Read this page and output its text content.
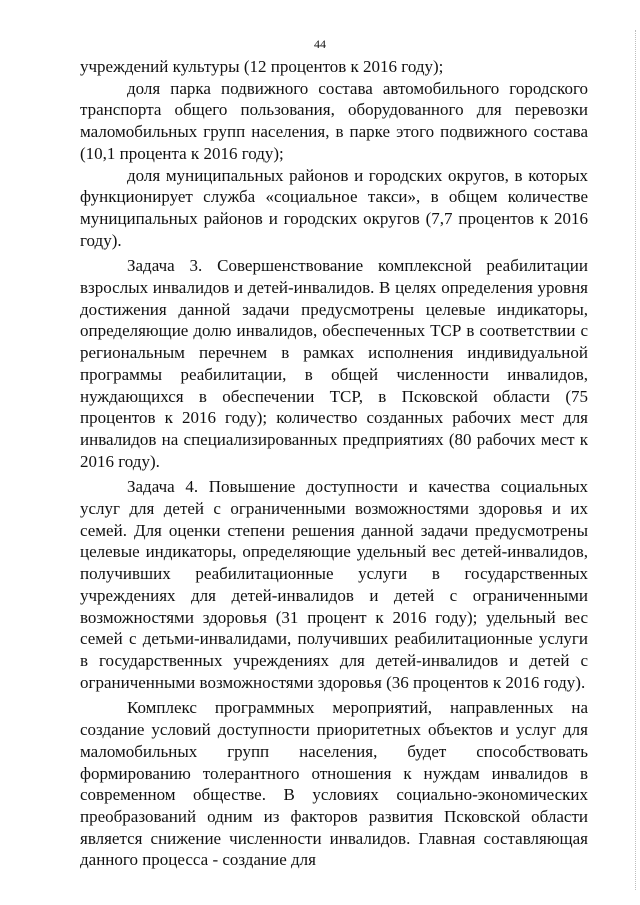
44

учреждений культуры (12 процентов к 2016 году);

доля парка подвижного состава автомобильного городского транспорта общего пользования, оборудованного для перевозки маломобильных групп населения, в парке этого подвижного состава (10,1 процента к 2016 году);

доля муниципальных районов и городских округов, в которых функционирует служба «социальное такси», в общем количестве муниципальных районов и городских округов (7,7 процентов к 2016 году).

Задача 3. Совершенствование комплексной реабилитации взрослых инвалидов и детей-инвалидов. В целях определения уровня достижения данной задачи предусмотрены целевые индикаторы, определяющие долю инвалидов, обеспеченных ТСР в соответствии с региональным перечнем в рамках исполнения индивидуальной программы реабилитации, в общей численности инвалидов, нуждающихся в обеспечении ТСР, в Псковской области (75 процентов к 2016 году); количество созданных рабочих мест для инвалидов на специализированных предприятиях (80 рабочих мест к 2016 году).

Задача 4. Повышение доступности и качества социальных услуг для детей с ограниченными возможностями здоровья и их семей. Для оценки степени решения данной задачи предусмотрены целевые индикаторы, определяющие удельный вес детей-инвалидов, получивших реабилитационные услуги в государственных учреждениях для детей-инвалидов и детей с ограниченными возможностями здоровья (31 процент к 2016 году); удельный вес семей с детьми-инвалидами, получивших реабилитационные услуги в государственных учреждениях для детей-инвалидов и детей с ограниченными возможностями здоровья (36 процентов к 2016 году).

Комплекс программных мероприятий, направленных на создание условий доступности приоритетных объектов и услуг для маломобильных групп населения, будет способствовать формированию толерантного отношения к нуждам инвалидов в современном обществе. В условиях социально-экономических преобразований одним из факторов развития Псковской области является снижение численности инвалидов. Главная составляющая данного процесса - создание для
